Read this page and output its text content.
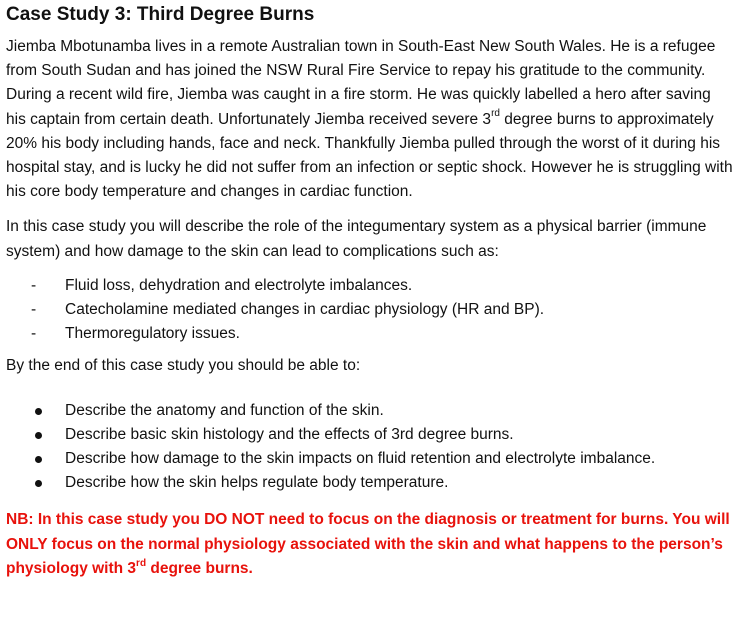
Case Study 3: Third Degree Burns

Jiemba Mbotunamba lives in a remote Australian town in South-East New South Wales. He is a refugee from South Sudan and has joined the NSW Rural Fire Service to repay his gratitude to the community. During a recent wild fire, Jiemba was caught in a fire storm. He was quickly labelled a hero after saving his captain from certain death. Unfortunately Jiemba received severe 3rd degree burns to approximately 20% his body including hands, face and neck. Thankfully Jiemba pulled through the worst of it during his hospital stay, and is lucky he did not suffer from an infection or septic shock. However he is struggling with his core body temperature and changes in cardiac function.

In this case study you will describe the role of the integumentary system as a physical barrier (immune system) and how damage to the skin can lead to complications such as:

- Fluid loss, dehydration and electrolyte imbalances.
- Catecholamine mediated changes in cardiac physiology (HR and BP).
- Thermoregulatory issues.

By the end of this case study you should be able to:

Describe the anatomy and function of the skin.
Describe basic skin histology and the effects of 3rd degree burns.
Describe how damage to the skin impacts on fluid retention and electrolyte imbalance.
Describe how the skin helps regulate body temperature.

NB: In this case study you DO NOT need to focus on the diagnosis or treatment for burns. You will ONLY focus on the normal physiology associated with the skin and what happens to the person’s physiology with 3rd degree burns.
